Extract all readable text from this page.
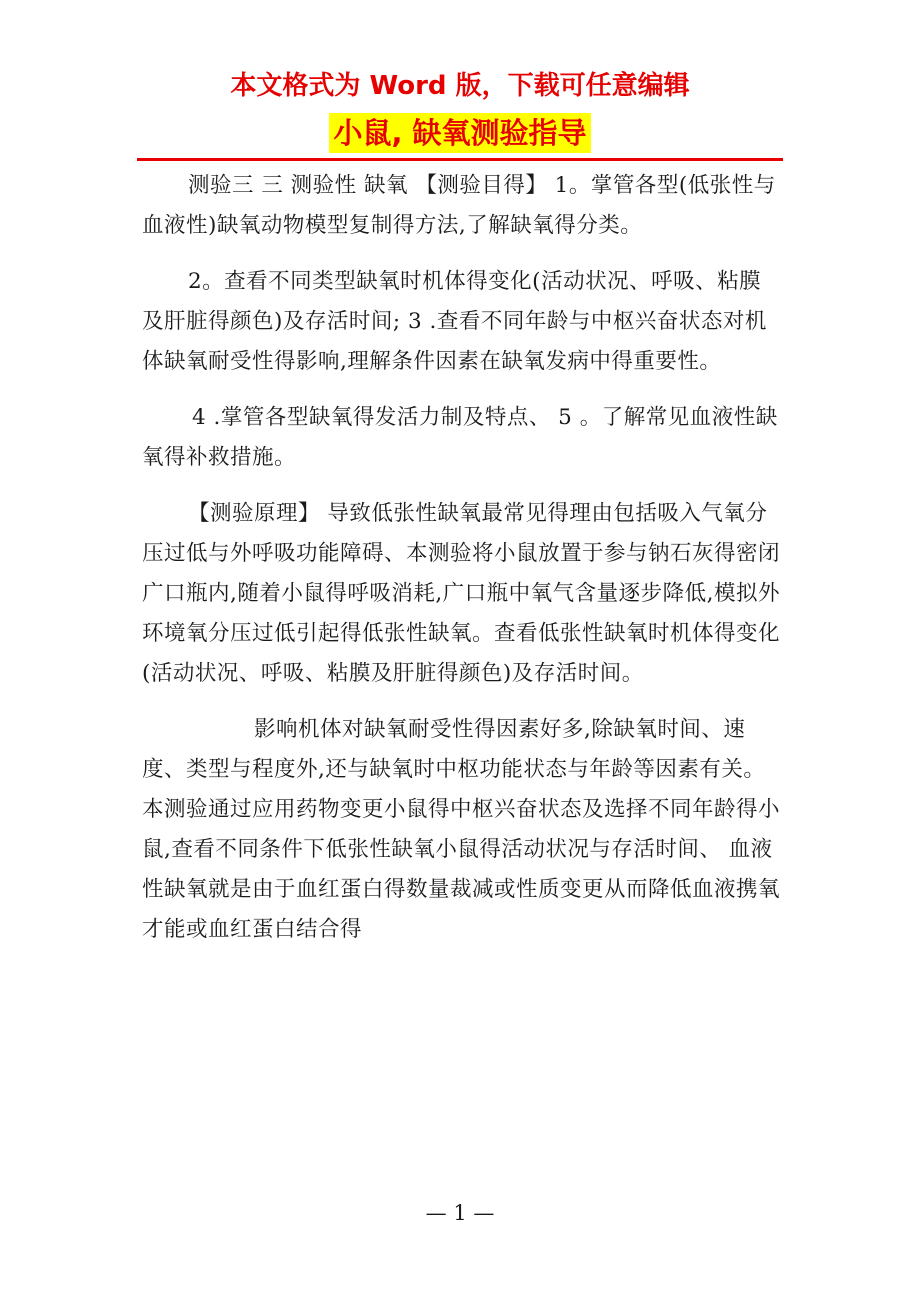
本文格式为 Word 版，下载可任意编辑
小鼠, 缺氧测验指导

测验三 三 测验性 缺氧 【测验目得】 1。掌管各型(低张性与血液性)缺氧动物模型复制得方法,了解缺氧得分类。

2。查看不同类型缺氧时机体得变化(活动状况、呼吸、粘膜及肝脏得颜色)及存活时间; 3 .查看不同年龄与中枢兴奋状态对机体缺氧耐受性得影响,理解条件因素在缺氧发病中得重要性。

4 .掌管各型缺氧得发活力制及特点、 5 。了解常见血液性缺氧得补救措施。

【测验原理】 导致低张性缺氧最常见得理由包括吸入气氧分压过低与外呼吸功能障碍、本测验将小鼠放置于参与钠石灰得密闭广口瓶内,随着小鼠得呼吸消耗,广口瓶中氧气含量逐步降低,模拟外环境氧分压过低引起得低张性缺氧。查看低张性缺氧时机体得变化(活动状况、呼吸、粘膜及肝脏得颜色)及存活时间。

影响机体对缺氧耐受性得因素好多,除缺氧时间、速度、类型与程度外,还与缺氧时中枢功能状态与年龄等因素有关。本测验通过应用药物变更小鼠得中枢兴奋状态及选择不同年龄得小鼠,查看不同条件下低张性缺氧小鼠得活动状况与存活时间、 血液性缺氧就是由于血红蛋白得数量裁减或性质变更从而降低血液携氧才能或血红蛋白结合得

— 1 —
